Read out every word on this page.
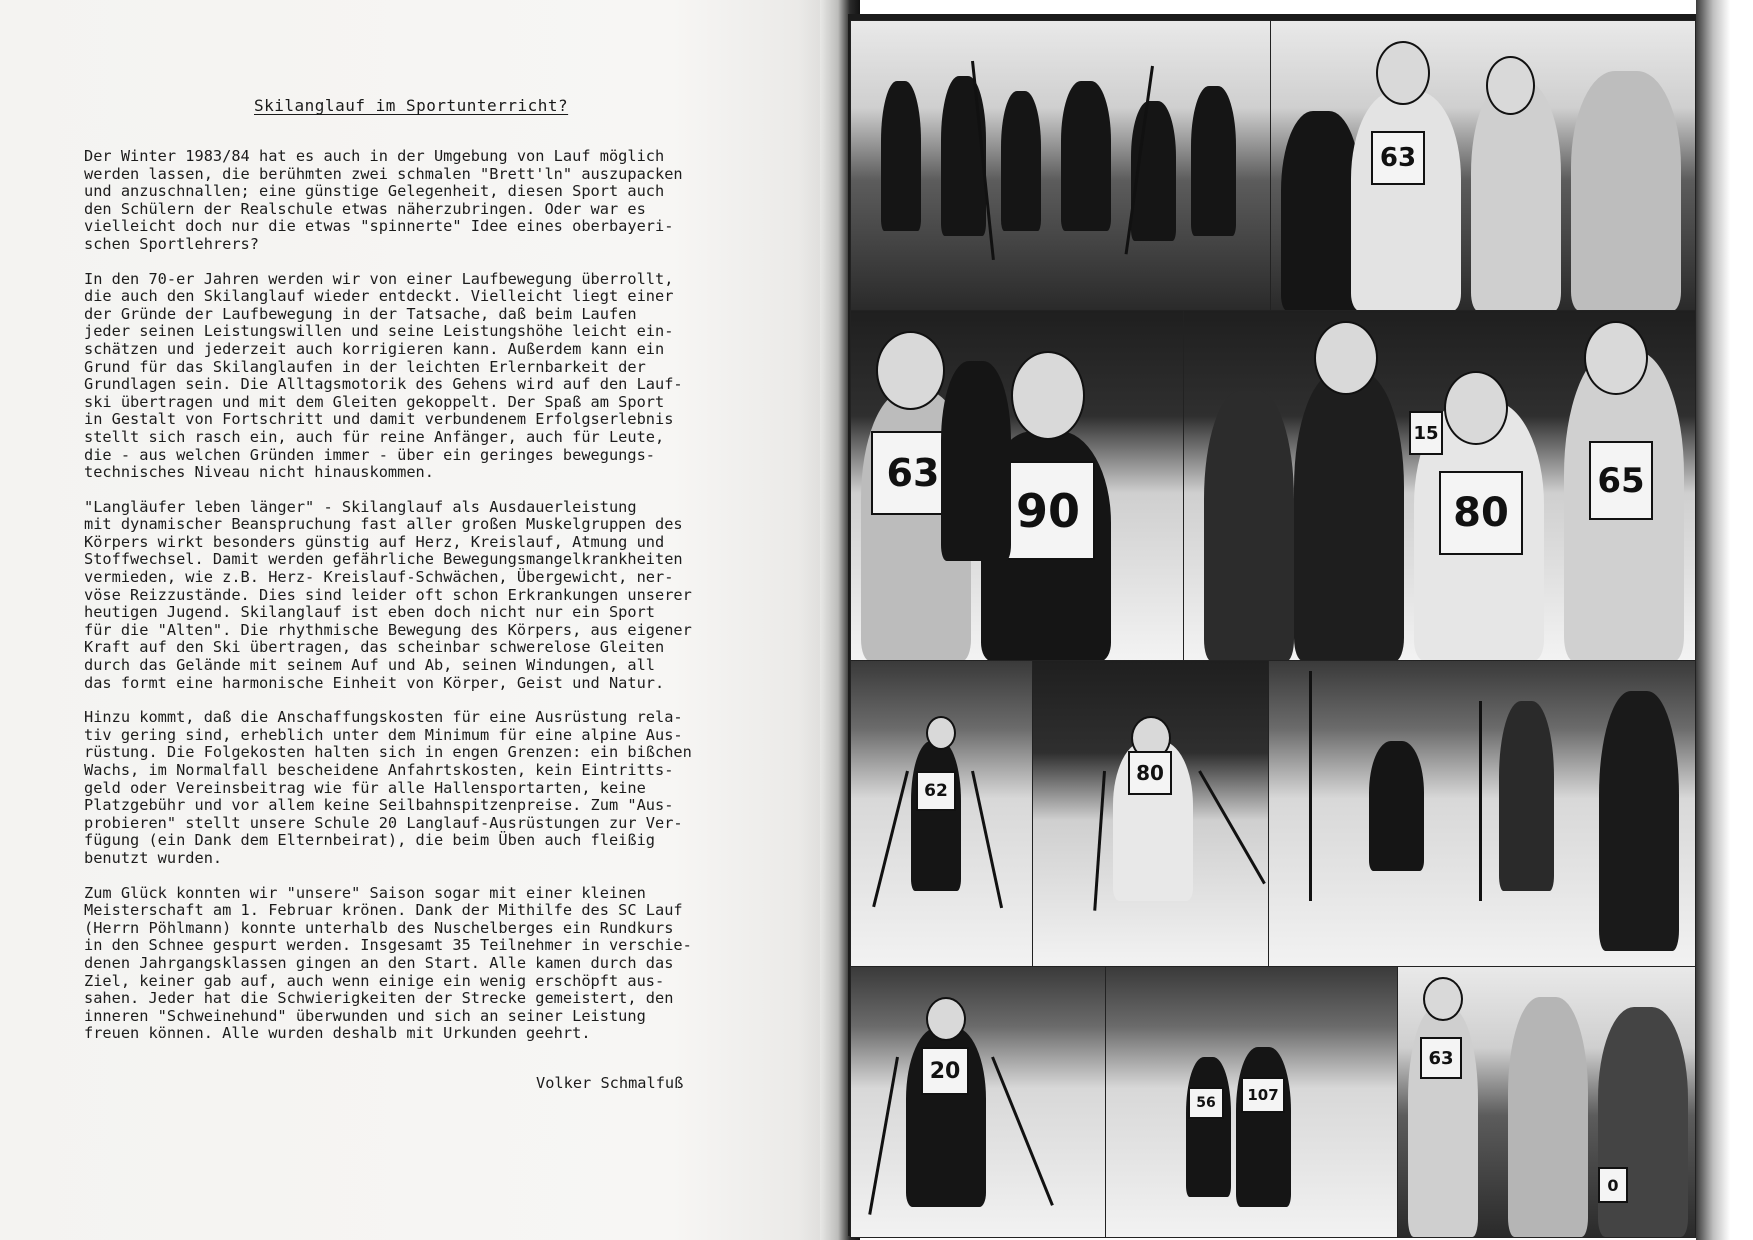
Skilanglauf im Sportunterricht?

Der Winter 1983/84 hat es auch in der Umgebung von Lauf möglich
werden lassen, die berühmten zwei schmalen "Brett'ln" auszupacken
und anzuschnallen; eine günstige Gelegenheit, diesen Sport auch
den Schülern der Realschule etwas näherzubringen. Oder war es
vielleicht doch nur die etwas "spinnerte" Idee eines oberbayeri-
schen Sportlehrers?

In den 70-er Jahren werden wir von einer Laufbewegung überrollt,
die auch den Skilanglauf wieder entdeckt. Vielleicht liegt einer
der Gründe der Laufbewegung in der Tatsache, daß beim Laufen
jeder seinen Leistungswillen und seine Leistungshöhe leicht ein-
schätzen und jederzeit auch korrigieren kann. Außerdem kann ein
Grund für das Skilanglaufen in der leichten Erlernbarkeit der
Grundlagen sein. Die Alltagsmotorik des Gehens wird auf den Lauf-
ski übertragen und mit dem Gleiten gekoppelt. Der Spaß am Sport
in Gestalt von Fortschritt und damit verbundenem Erfolgserlebnis
stellt sich rasch ein, auch für reine Anfänger, auch für Leute,
die - aus welchen Gründen immer - über ein geringes bewegungs-
technisches Niveau nicht hinauskommen.

"Langläufer leben länger" - Skilanglauf als Ausdauerleistung
mit dynamischer Beanspruchung fast aller großen Muskelgruppen des
Körpers wirkt besonders günstig auf Herz, Kreislauf, Atmung und
Stoffwechsel. Damit werden gefährliche Bewegungsmangelkrankheiten
vermieden, wie z.B. Herz- Kreislauf-Schwächen, Übergewicht, ner-
vöse Reizzustände. Dies sind leider oft schon Erkrankungen unserer
heutigen Jugend. Skilanglauf ist eben doch nicht nur ein Sport
für die "Alten". Die rhythmische Bewegung des Körpers, aus eigener
Kraft auf den Ski übertragen, das scheinbar schwerelose Gleiten
durch das Gelände mit seinem Auf und Ab, seinen Windungen, all
das formt eine harmonische Einheit von Körper, Geist und Natur.

Hinzu kommt, daß die Anschaffungskosten für eine Ausrüstung rela-
tiv gering sind, erheblich unter dem Minimum für eine alpine Aus-
rüstung. Die Folgekosten halten sich in engen Grenzen: ein bißchen
Wachs, im Normalfall bescheidene Anfahrtskosten, kein Eintritts-
geld oder Vereinsbeitrag wie für alle Hallensportarten, keine
Platzgebühr und vor allem keine Seilbahnspitzenpreise. Zum "Aus-
probieren" stellt unsere Schule 20 Langlauf-Ausrüstungen zur Ver-
fügung (ein Dank dem Elternbeirat), die beim Üben auch fleißig
benutzt wurden.

Zum Glück konnten wir "unsere" Saison sogar mit einer kleinen
Meisterschaft am 1. Februar krönen. Dank der Mithilfe des SC Lauf
(Herrn Pöhlmann) konnte unterhalb des Nuschelberges ein Rundkurs
in den Schnee gespurt werden. Insgesamt 35 Teilnehmer in verschie-
denen Jahrgangsklassen gingen an den Start. Alle kamen durch das
Ziel, keiner gab auf, auch wenn einige ein wenig erschöpft aus-
sahen. Jeder hat die Schwierigkeiten der Strecke gemeistert, den
inneren "Schweinehund" überwunden und sich an seiner Leistung
freuen können. Alle wurden deshalb mit Urkunden geehrt.

Volker Schmalfuß
63
63
90	80
15
65
62
80
20
56	107
63
0
